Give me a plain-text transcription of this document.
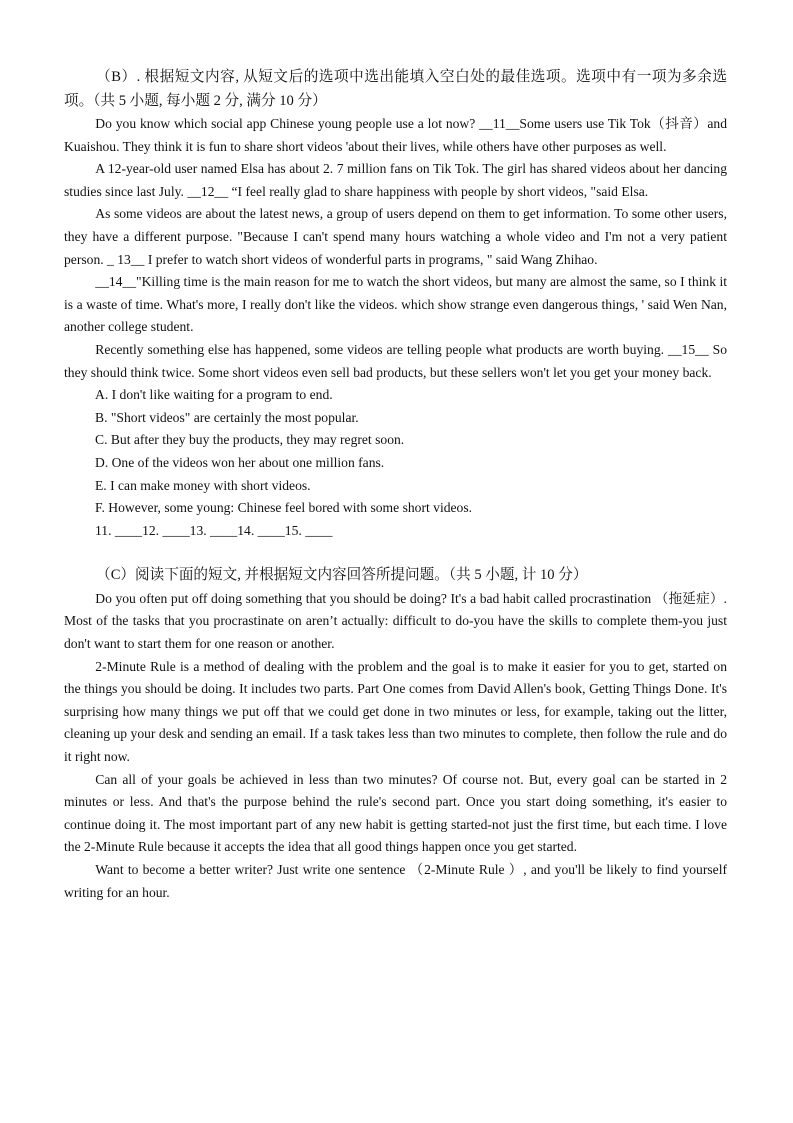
（B）. 根据短文内容, 从短文后的选项中选出能填入空白处的最佳选项。选项中有一项为多余选项。（共 5 小题, 每小题 2 分, 满分 10 分）

Do you know which social app Chinese young people use a lot now? __11__Some users use Tik Tok（抖音）and Kuaishou. They think it is fun to share short videos 'about their lives, while others have other purposes as well.

A 12-year-old user named Elsa has about 2. 7 million fans on Tik Tok. The girl has shared videos about her dancing studies since last July. __12__ “I feel really glad to share happiness with people by short videos, "said Elsa.

As some videos are about the latest news, a group of users depend on them to get information. To some other users, they have a different purpose. "Because I can't spend many hours watching a whole video and I'm not a very patient person. _ 13__ I prefer to watch short videos of wonderful parts in programs, " said Wang Zhihao.

__14__"Killing time is the main reason for me to watch the short videos, but many are almost the same, so I think it is a waste of time. What's more, I really don't like the videos. which show strange even dangerous things, ' said Wen Nan, another college student.

Recently something else has happened, some videos are telling people what products are worth buying. __15__ So they should think twice. Some short videos even sell bad products, but these sellers won't let you get your money back.

A. I don't like waiting for a program to end.

B. "Short videos" are certainly the most popular.

C. But after they buy the products, they may regret soon.

D. One of the videos won her about one million fans.

E. I can make money with short videos.

F. However, some young: Chinese feel bored with some short videos.

11. ____12. ____13. ____14. ____15. ____

（C）阅读下面的短文, 并根据短文内容回答所提问题。（共 5 小题, 计 10 分）

Do you often put off doing something that you should be doing? It's a bad habit called procrastination （拖延症）. Most of the tasks that you procrastinate on aren’t actually: difficult to do-you have the skills to complete them-you just don't want to start them for one reason or another.

2-Minute Rule is a method of dealing with the problem and the goal is to make it easier for you to get, started on the things you should be doing. It includes two parts. Part One comes from David Allen's book, Getting Things Done. It's surprising how many things we put off that we could get done in two minutes or less, for example, taking out the litter, cleaning up your desk and sending an email. If a task takes less than two minutes to complete, then follow the rule and do it right now.

Can all of your goals be achieved in less than two minutes? Of course not. But, every goal can be started in 2 minutes or less. And that's the purpose behind the rule's second part. Once you start doing something, it's easier to continue doing it. The most important part of any new habit is getting started-not just the first time, but each time. I love the 2-Minute Rule because it accepts the idea that all good things happen once you get started.

Want to become a better writer? Just write one sentence （2-Minute Rule ）, and you'll be likely to find yourself writing for an hour.
